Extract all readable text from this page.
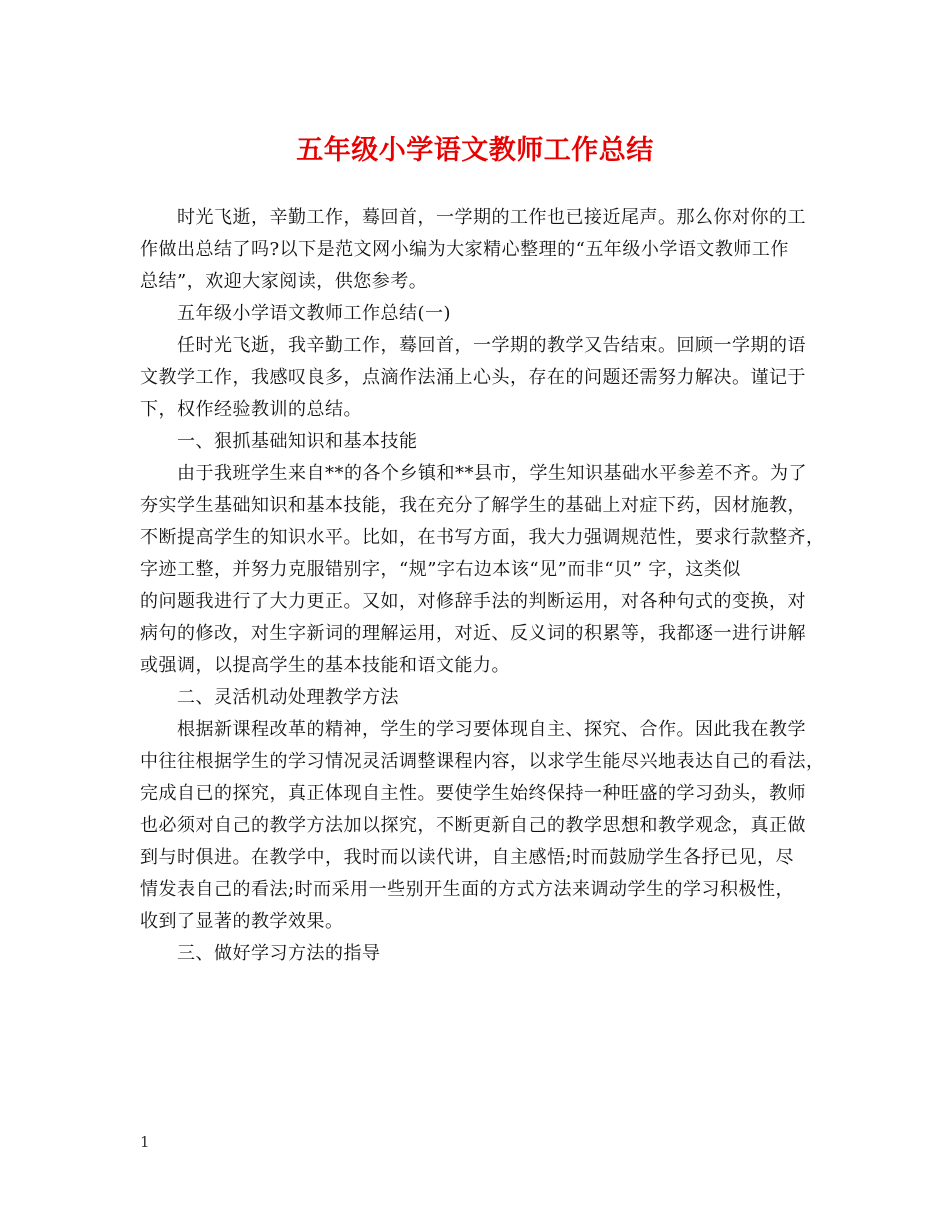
五年级小学语文教师工作总结
时光飞逝，辛勤工作，蓦回首，一学期的工作也已接近尾声。那么你对你的工
作做出总结了吗?以下是范文网小编为大家精心整理的“五年级小学语文教师工作
总结”，欢迎大家阅读，供您参考。
五年级小学语文教师工作总结(一)
任时光飞逝，我辛勤工作，蓦回首，一学期的教学又告结束。回顾一学期的语
文教学工作，我感叹良多，点滴作法涌上心头，存在的问题还需努力解决。谨记于
下，权作经验教训的总结。
一、狠抓基础知识和基本技能
由于我班学生来自**的各个乡镇和**县市，学生知识基础水平参差不齐。为了
夯实学生基础知识和基本技能，我在充分了解学生的基础上对症下药，因材施教，
不断提高学生的知识水平。比如，在书写方面，我大力强调规范性，要求行款整齐，
字迹工整，并努力克服错别字，“规”字右边本该“见”而非“贝” 字，这类似
的问题我进行了大力更正。又如，对修辞手法的判断运用，对各种句式的变换，对
病句的修改，对生字新词的理解运用，对近、反义词的积累等，我都逐一进行讲解
或强调，以提高学生的基本技能和语文能力。
二、灵活机动处理教学方法
根据新课程改革的精神，学生的学习要体现自主、探究、合作。因此我在教学
中往往根据学生的学习情况灵活调整课程内容，以求学生能尽兴地表达自己的看法，
完成自已的探究，真正体现自主性。要使学生始终保持一种旺盛的学习劲头，教师
也必须对自己的教学方法加以探究，不断更新自己的教学思想和教学观念，真正做
到与时俱进。在教学中，我时而以读代讲，自主感悟;时而鼓励学生各抒已见，尽
情发表自己的看法;时而采用一些别开生面的方式方法来调动学生的学习积极性，
收到了显著的教学效果。
三、做好学习方法的指导
1
